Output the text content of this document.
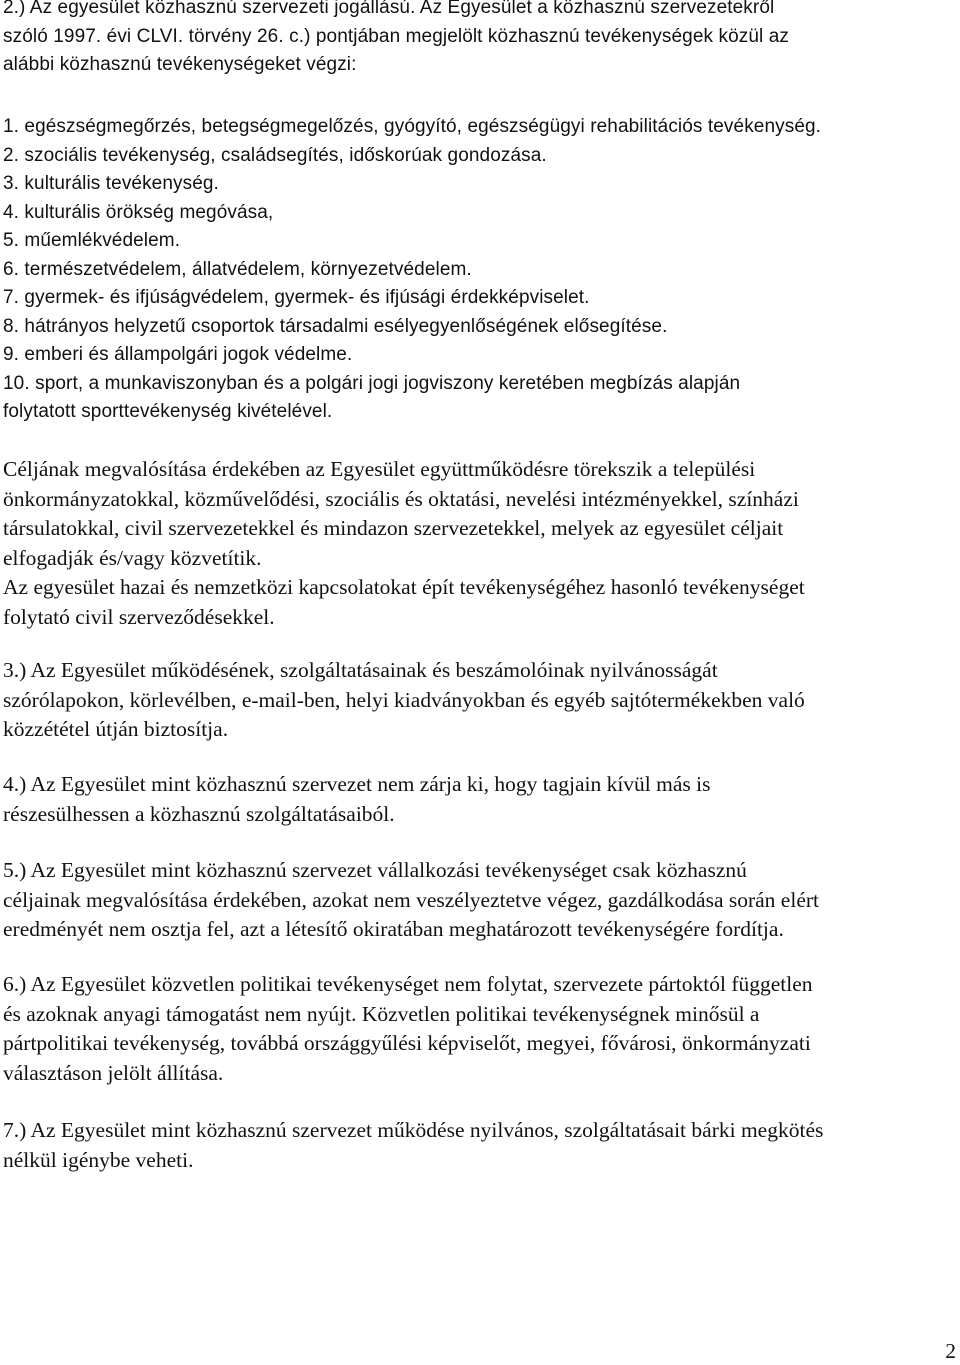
2.) Az egyesület közhasznú szervezeti jogállású. Az Egyesület a közhasznú szervezetekről
szóló 1997. évi CLVI. törvény 26. c.) pontjában megjelölt közhasznú tevékenységek közül az
alábbi közhasznú tevékenységeket végzi:
1. egészségmegőrzés, betegségmegelőzés, gyógyító, egészségügyi rehabilitációs tevékenység.
2. szociális tevékenység, családsegítés, időskorúak gondozása.
3. kulturális tevékenység.
4. kulturális örökség megóvása,
5. műemlékvédelem.
6. természetvédelem, állatvédelem, környezetvédelem.
7. gyermek- és ifjúságvédelem, gyermek- és ifjúsági érdekképviselet.
8. hátrányos helyzetű csoportok társadalmi esélyegyenlőségének elősegítése.
9. emberi és állampolgári jogok védelme.
10. sport, a munkaviszonyban és a polgári jogi jogviszony keretében megbízás alapján
folytatott sporttevékenység kivételével.
Céljának megvalósítása érdekében az Egyesület együttműködésre törekszik a települési
önkormányzatokkal, közművelődési, szociális és oktatási, nevelési intézményekkel, színházi
társulatokkal, civil szervezetekkel és mindazon szervezetekkel, melyek az egyesület céljait
elfogadják és/vagy közvetítik.
Az egyesület hazai és nemzetközi kapcsolatokat épít tevékenységéhez hasonló tevékenységet
folytató civil szerveződésekkel.
3.) Az Egyesület működésének, szolgáltatásainak és beszámolóinak nyilvánosságát
szórólapokon, körlevélben, e-mail-ben, helyi kiadványokban és egyéb sajtótermékekben való
közzététel útján biztosítja.
4.) Az Egyesület mint közhasznú szervezet nem zárja ki, hogy tagjain kívül más is
részesülhessen a közhasznú szolgáltatásaiból.
5.) Az Egyesület mint közhasznú szervezet vállalkozási tevékenységet csak közhasznú
céljainak megvalósítása érdekében, azokat nem veszélyeztetve végez, gazdálkodása során elért
eredményét nem osztja fel, azt a létesítő okiratában meghatározott tevékenységére fordítja.
6.) Az Egyesület közvetlen politikai tevékenységet nem folytat, szervezete pártoktól független
és azoknak anyagi támogatást nem nyújt. Közvetlen politikai tevékenységnek minősül a
pártpolitikai tevékenység, továbbá országgyűlési képviselőt, megyei, fővárosi, önkormányzati
választáson jelölt állítása.
7.) Az Egyesület mint közhasznú szervezet működése nyilvános, szolgáltatásait bárki megkötés
nélkül igénybe veheti.
2
